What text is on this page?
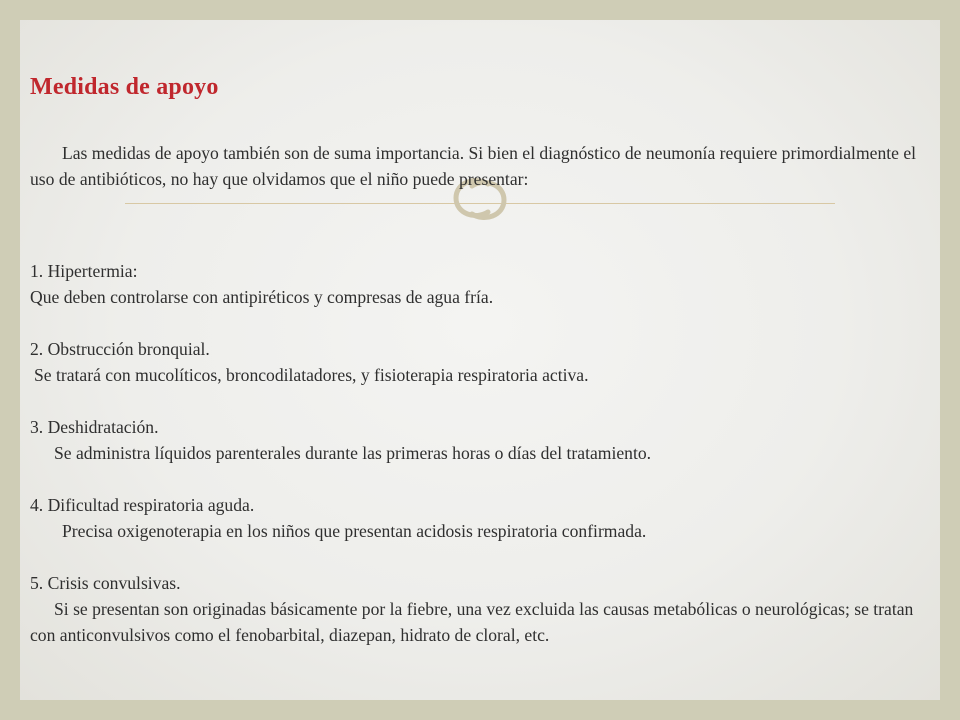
Medidas de apoyo

Las medidas de apoyo también son de suma importancia. Si bien el diagnóstico de neumonía requiere primordialmente el uso de antibióticos, no hay que olvidamos que el niño puede presentar:

1. Hipertermia:

Que deben controlarse con antipiréticos y compresas de agua fría.

2. Obstrucción bronquial.

Se tratará con mucolíticos, broncodilatadores, y fisioterapia respiratoria activa.

3. Deshidratación.

Se administra líquidos parenterales durante las primeras horas o días del tratamiento.

4. Dificultad respiratoria aguda.

Precisa oxigenoterapia en los niños que presentan acidosis respiratoria confirmada.

5. Crisis convulsivas.

Si se presentan son originadas básicamente por la fiebre, una vez excluida las causas metabólicas o neurológicas; se tratan con anticonvulsivos como el fenobarbital, diazepan, hidrato de cloral, etc.
